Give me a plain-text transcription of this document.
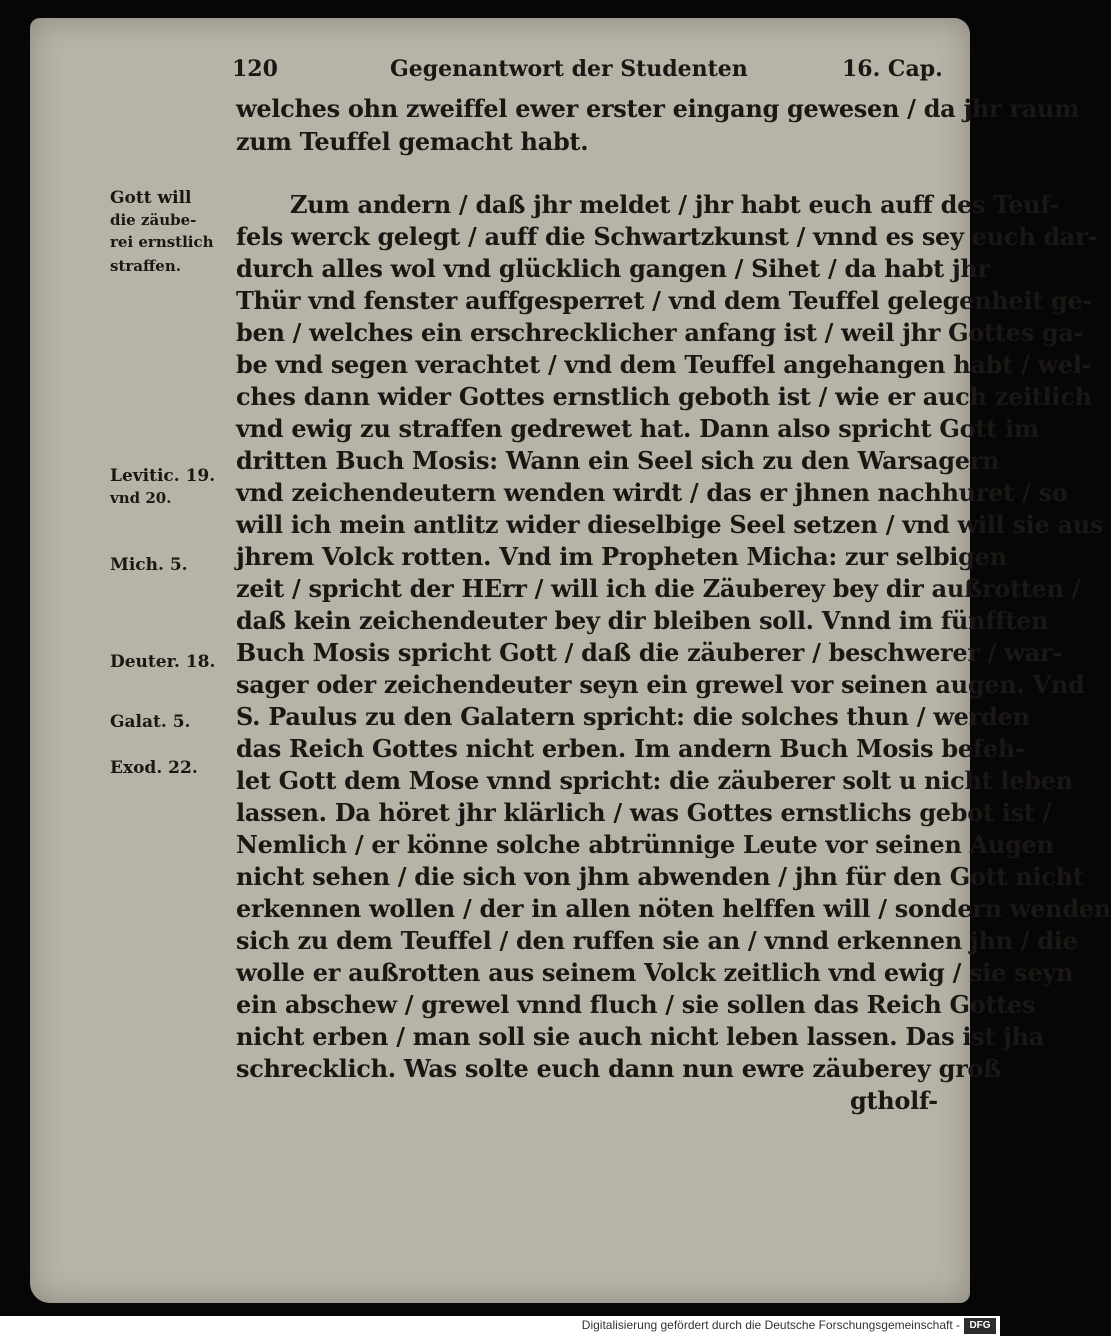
120	Gegenantwort der Studenten	16. Cap.
welches ohn zweiffel ewer erster eingang gewesen / da jhr raum
zum Teuffel gemacht habt.
Zum andern / daß jhr meldet / jhr habt euch auff des Teuf-
fels werck gelegt / auff die Schwartzkunst / vnnd es sey euch dar-
durch alles wol vnd glücklich gangen / Sihet / da habt jhr
Thür vnd fenster auffgesperret / vnd dem Teuffel gelegenheit ge-
ben / welches ein erschrecklicher anfang ist / weil jhr Gottes ga-
be vnd segen verachtet / vnd dem Teuffel angehangen habt / wel-
ches dann wider Gottes ernstlich geboth ist / wie er auch zeitlich
vnd ewig zu straffen gedrewet hat. Dann also spricht Gott im
dritten Buch Mosis: Wann ein Seel sich zu den Warsagern
vnd zeichendeutern wenden wirdt / das er jhnen nachhuret / so
will ich mein antlitz wider dieselbige Seel setzen / vnd will sie aus
jhrem Volck rotten. Vnd im Propheten Micha: zur selbigen
zeit / spricht der HErr / will ich die Zäuberey bey dir außrotten /
daß kein zeichendeuter bey dir bleiben soll. Vnnd im fünfften
Buch Mosis spricht Gott / daß die zäuberer / beschwerer / war-
sager oder zeichendeuter seyn ein grewel vor seinen augen. Vnd
S. Paulus zu den Galatern spricht: die solches thun / werden
das Reich Gottes nicht erben. Im andern Buch Mosis befeh-
let Gott dem Mose vnnd spricht: die zäuberer solt u nicht leben
lassen. Da höret jhr klärlich / was Gottes ernstlichs gebot ist /
Nemlich / er könne solche abtrünnige Leute vor seinen Augen
nicht sehen / die sich von jhm abwenden / jhn für den Gott nicht
erkennen wollen / der in allen nöten helffen will / sondern wenden
sich zu dem Teuffel / den ruffen sie an / vnnd erkennen jhn / die
wolle er außrotten aus seinem Volck zeitlich vnd ewig / sie seyn
ein abschew / grewel vnnd fluch / sie sollen das Reich Gottes
nicht erben / man soll sie auch nicht leben lassen. Das ist jha
schrecklich. Was solte euch dann nun ewre zäuberey groß
gtholf-
Gott will
die zäube-
rei ernstlich
straffen.
Levitic. 19.
vnd 20.
Mich. 5.
Deuter. 18.
Galat. 5.
Exod. 22.
Digitalisierung gefördert durch die Deutsche Forschungsgemeinschaft - DFG
